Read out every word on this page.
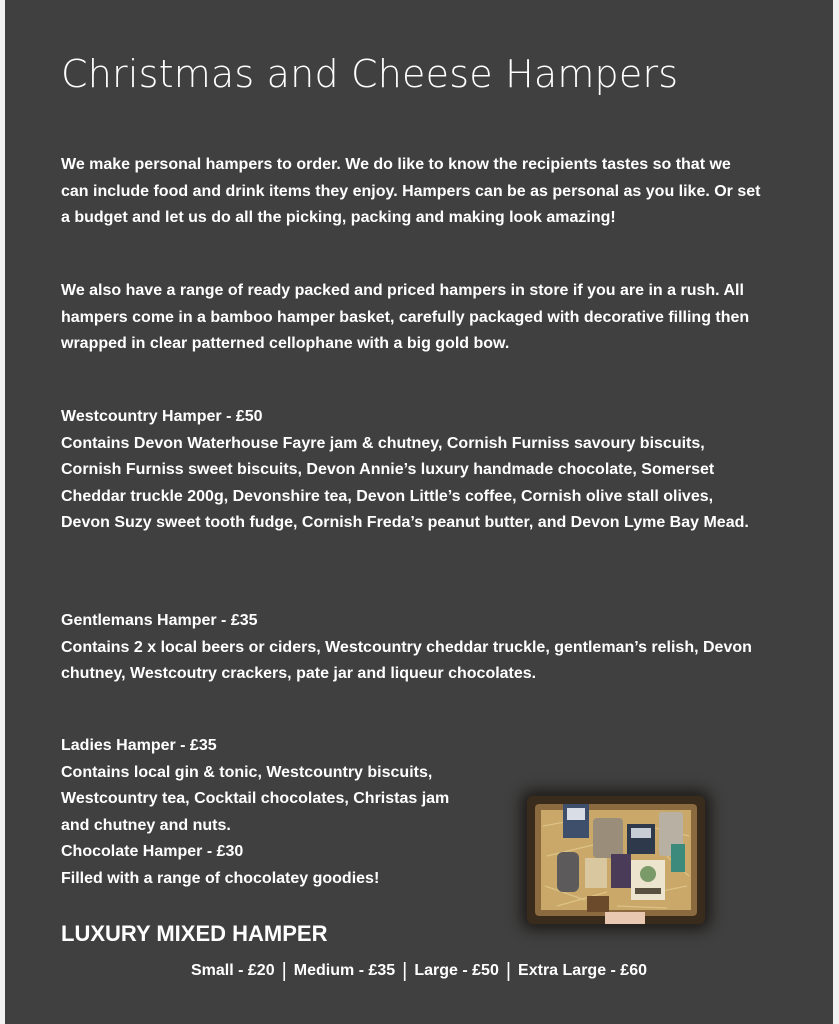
Christmas and Cheese Hampers
We make personal hampers to order. We do like to know the recipients tastes so that we can include food and drink items they enjoy. Hampers can be as personal as you like. Or set a budget and let us do all the picking, packing and making look amazing!
We also have a range of ready packed and priced hampers in store if you are in a rush. All hampers come in a bamboo hamper basket, carefully packaged with decorative filling then wrapped in clear patterned cellophane with a big gold bow.
Westcountry Hamper - £50
Contains Devon Waterhouse Fayre jam & chutney, Cornish Furniss savoury biscuits, Cornish Furniss sweet biscuits, Devon Annie’s luxury handmade chocolate, Somerset Cheddar truckle 200g, Devonshire tea, Devon Little’s coffee, Cornish olive stall olives, Devon Suzy sweet tooth fudge, Cornish Freda’s peanut butter, and Devon Lyme Bay Mead.
Gentlemans Hamper - £35
Contains 2 x local beers or ciders, Westcountry cheddar truckle, gentleman’s relish, Devon chutney, Westcoutry crackers, pate jar and liqueur chocolates.
Ladies Hamper - £35
Contains local gin & tonic, Westcountry biscuits, Westcountry tea, Cocktail chocolates, Christas jam and chutney and nuts.
Chocolate Hamper - £30
Filled with a range of chocolatey goodies!
LUXURY MIXED HAMPER
Small - £20 | Medium - £35 | Large - £50 | Extra Large - £60
